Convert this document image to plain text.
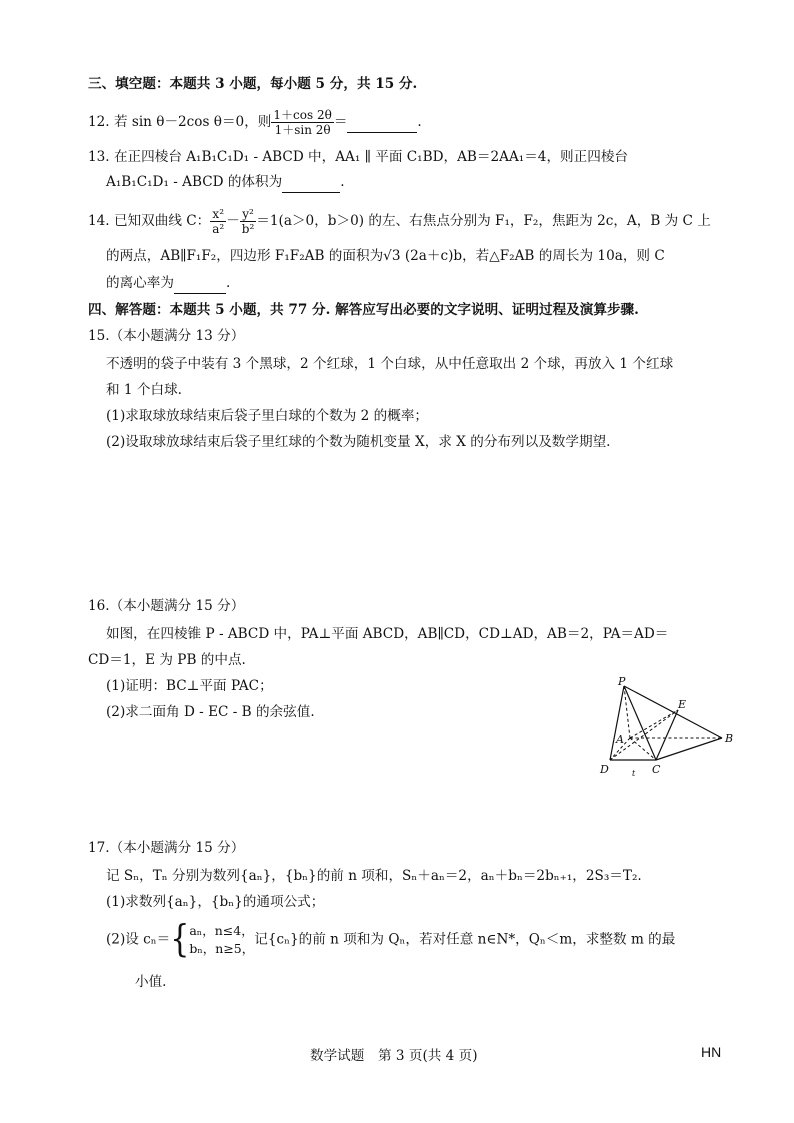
三、填空题：本题共 3 小题，每小题 5 分，共 15 分.
12. 若 sin θ－2cos θ＝0，则 $\frac{1+\cos 2\theta}{1+\sin 2\theta}$ ＝	.
13. 在正四棱台 A₁B₁C₁D₁ - ABCD 中，AA₁ ∥ 平面 C₁BD，AB＝2AA₁＝4，则正四棱台
A₁B₁C₁D₁ - ABCD 的体积为	.
14. 已知双曲线 C： $\frac{\text{x²}}{\text{a²}} - \frac{\text{y²}}{\text{b²}} =1(a>0$，b＞0) 的左、右焦点分别为 F₁，F₂，焦距为 2c，A，B 为 C 上
的两点，AB∥F₁F₂，四边形 F₁F₂AB 的面积为√3 (2a＋c)b，若△F₂AB 的周长为 10a，则 C
的离心率为	.
四、解答题：本题共 5 小题，共 77 分. 解答应写出必要的文字说明、证明过程及演算步骤.
15.（本小题满分 13 分）
不透明的袋子中装有 3 个黑球，2 个红球，1 个白球，从中任意取出 2 个球，再放入 1 个红球
和 1 个白球.
(1)求取球放球结束后袋子里白球的个数为 2 的概率；
(2)设取球放球结束后袋子里红球的个数为随机变量 X，求 X 的分布列以及数学期望.
16.（本小题满分 15 分）
如图，在四棱锥 P - ABCD 中，PA⊥平面 ABCD，AB∥CD，CD⊥AD，AB＝2，PA＝AD＝
CD＝1，E 为 PB 的中点.
(1)证明：BC⊥平面 PAC；
(2)求二面角 D - EC - B 的余弦值.
P
E
A	B
D	C
t
17.（本小题满分 15 分）
记 Sₙ，Tₙ 分别为数列{aₙ}，{bₙ}的前 n 项和，Sₙ＋aₙ＝2，aₙ＋bₙ＝2bₙ₊₁，2S₃＝T₂.
(1)求数列{aₙ}，{bₙ}的通项公式；
(2)设 cₙ＝{ aₙ，n≤4，
bₙ，n≥5，
记{cₙ}的前 n 项和为 Qₙ，若对任意 n∈N*，Qₙ＜m，求整数 m 的最
小值.
数学试题　第 3 页(共 4 页)	HN
